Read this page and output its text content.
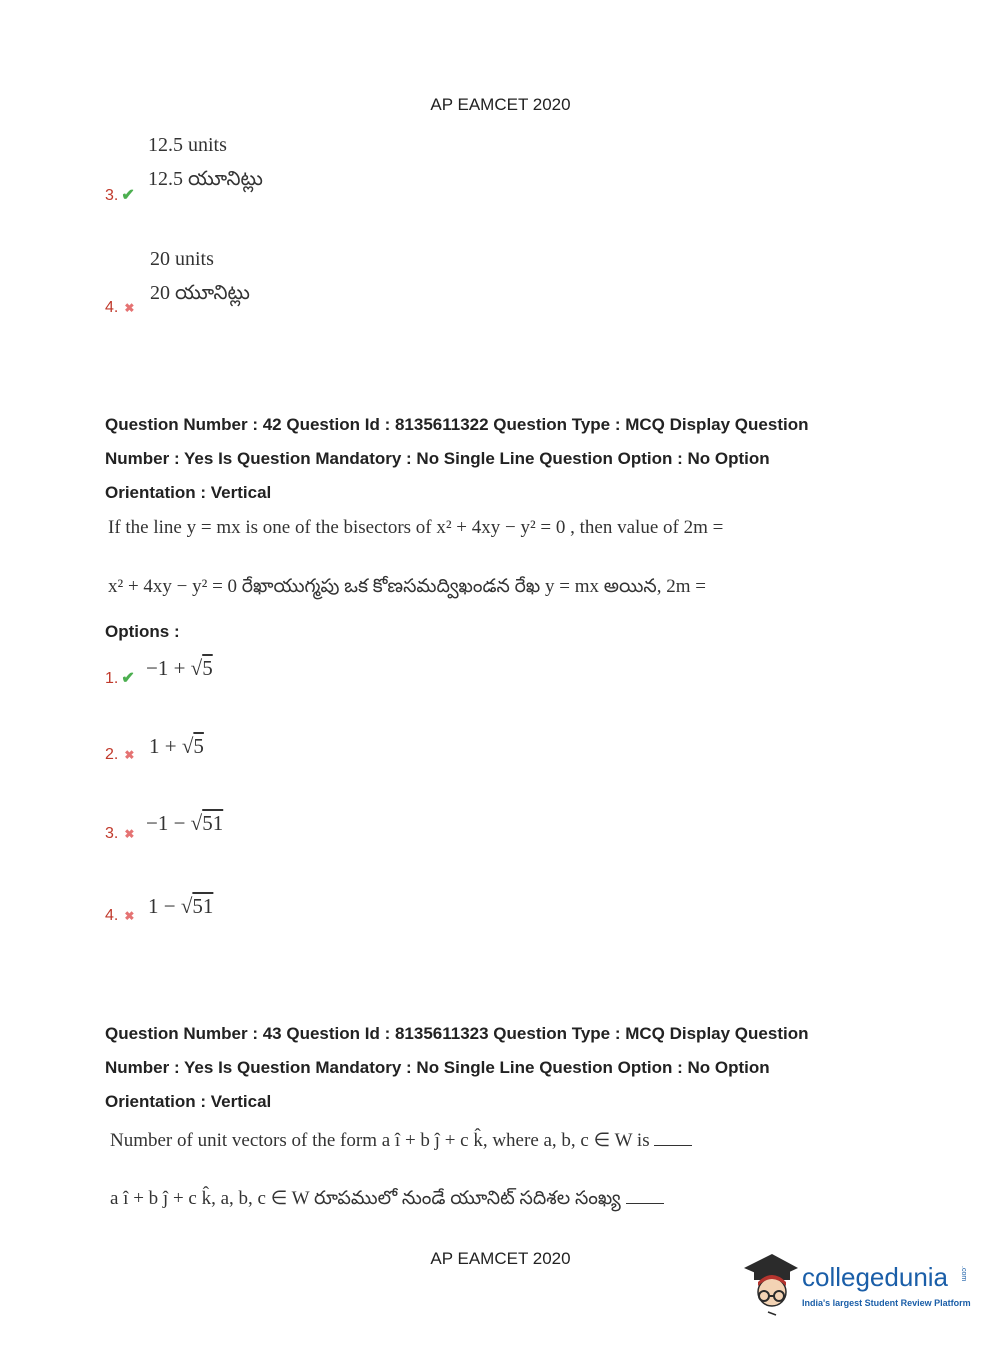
AP EAMCET 2020
12.5 units
12.5 యూనిట్లు
3. ✔
20 units
20 యూనిట్లు
4. ✖
Question Number : 42 Question Id : 8135611322 Question Type : MCQ Display Question
Number : Yes Is Question Mandatory : No Single Line Question Option : No Option
Orientation : Vertical
If the line y = mx is one of the bisectors of x² + 4xy − y² = 0 , then value of 2m =
x² + 4xy − y² = 0 రేఖాయుగ్మపు ఒక కోణసమద్విఖండన రేఖ y = mx అయిన, 2m =
Options :
1. ✔ −1 + √5
2. ✖ 1 + √5
3. ✖ −1 − √51
4. ✖ 1 − √51
Question Number : 43 Question Id : 8135611323 Question Type : MCQ Display Question
Number : Yes Is Question Mandatory : No Single Line Question Option : No Option
Orientation : Vertical
Number of unit vectors of the form a î + b ĵ + c k̂, where a, b, c ∈ W is
a î + b ĵ + c k̂, a, b, c ∈ W రూపములో నుండే యూనిట్ సదిశల సంఖ్య
AP EAMCET 2020
collegedunia .com
India's largest Student Review Platform
